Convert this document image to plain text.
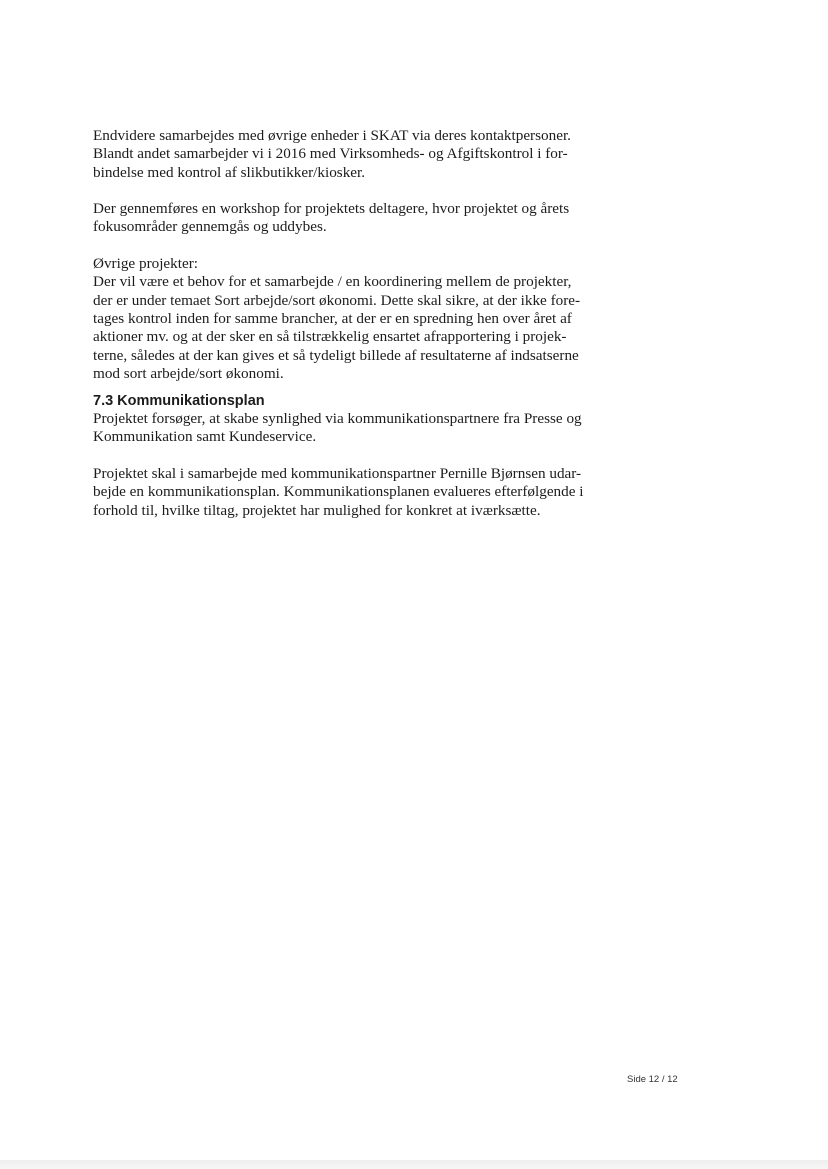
Endvidere samarbejdes med øvrige enheder i SKAT via deres kontaktpersoner.
Blandt andet samarbejder vi i 2016 med Virksomheds- og Afgiftskontrol i for-
bindelse med kontrol af slikbutikker/kiosker.
Der gennemføres en workshop for projektets deltagere, hvor projektet og årets
fokusområder gennemgås og uddybes.
Øvrige projekter:
Der vil være et behov for et samarbejde / en koordinering mellem de projekter,
der er under temaet Sort arbejde/sort økonomi. Dette skal sikre, at der ikke fore-
tages kontrol inden for samme brancher, at der er en spredning hen over året af
aktioner mv. og at der sker en så tilstrækkelig ensartet afrapportering i projek-
terne, således at der kan gives et så tydeligt billede af resultaterne af indsatserne
mod sort arbejde/sort økonomi.
7.3 Kommunikationsplan
Projektet forsøger, at skabe synlighed via kommunikationspartnere fra Presse og
Kommunikation samt Kundeservice.
Projektet skal i samarbejde med kommunikationspartner Pernille Bjørnsen udar-
bejde en kommunikationsplan. Kommunikationsplanen evalueres efterfølgende i
forhold til, hvilke tiltag, projektet har mulighed for konkret at iværksætte.
Side 12 / 12
